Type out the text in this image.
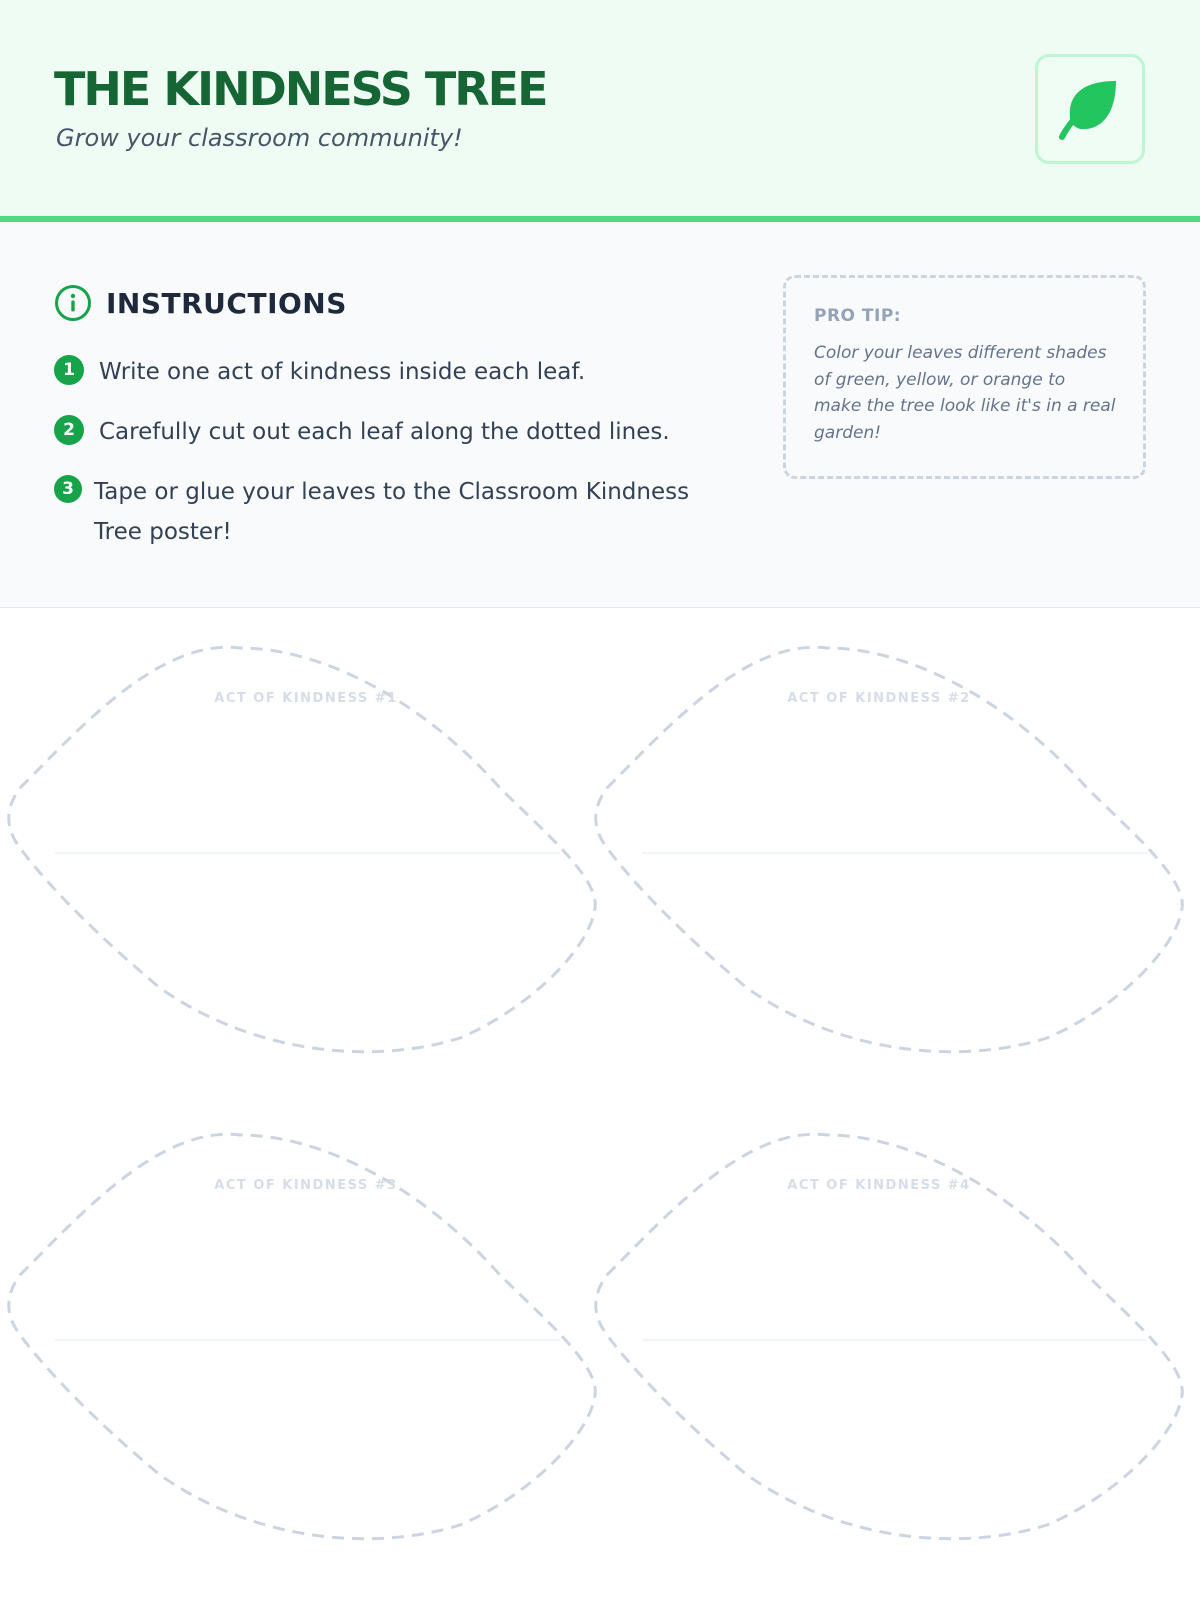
THE KINDNESS TREE
Grow your classroom community!
INSTRUCTIONS
1	Write one act of kindness inside each leaf.
2	Carefully cut out each leaf along the dotted lines.
3 Tape or glue your leaves to the Classroom Kindness Tree poster!
PRO TIP:
Color your leaves different shades of green, yellow, or orange to make the tree look like it's in a real garden!
ACT OF KINDNESS #1	ACT OF KINDNESS #2
ACT OF KINDNESS #3	ACT OF KINDNESS #4
